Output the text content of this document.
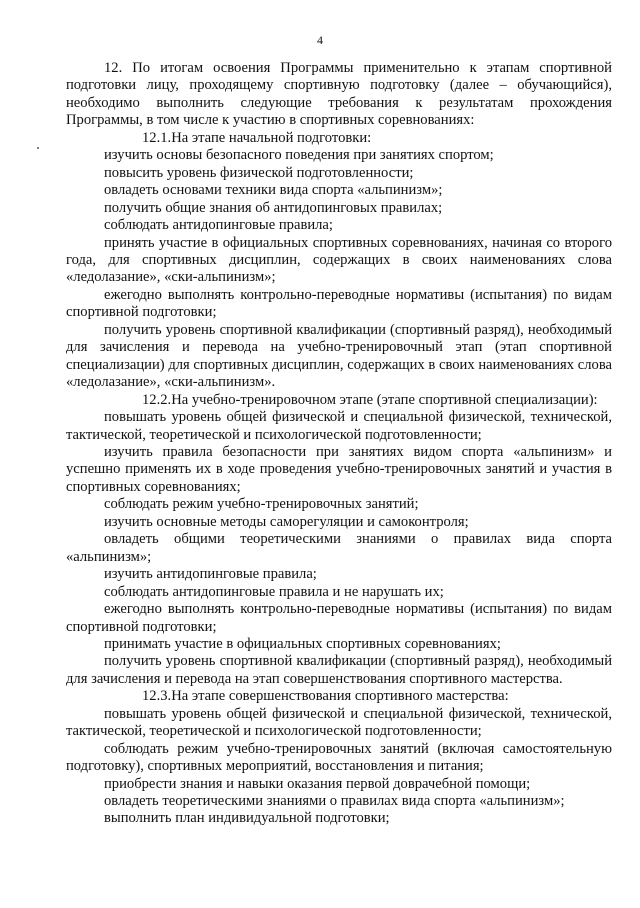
4

12. По итогам освоения Программы применительно к этапам спортивной подготовки лицу, проходящему спортивную подготовку (далее – обучающийся), необходимо выполнить следующие требования к результатам прохождения Программы, в том числе к участию в спортивных соревнованиях:

12.1.На этапе начальной подготовки:

изучить основы безопасного поведения при занятиях спортом;

повысить уровень физической подготовленности;

овладеть основами техники вида спорта «альпинизм»;

получить общие знания об антидопинговых правилах;

соблюдать антидопинговые правила;

принять участие в официальных спортивных соревнованиях, начиная со второго года, для спортивных дисциплин, содержащих в своих наименованиях слова «ледолазание», «ски-альпинизм»;

ежегодно выполнять контрольно-переводные нормативы (испытания) по видам спортивной подготовки;

получить уровень спортивной квалификации (спортивный разряд), необходимый для зачисления и перевода на учебно-тренировочный этап (этап спортивной специализации) для спортивных дисциплин, содержащих в своих наименованиях слова «ледолазание», «ски-альпинизм».

12.2.На учебно-тренировочном этапе (этапе спортивной специализации):

повышать уровень общей физической и специальной физической, технической, тактической, теоретической и психологической подготовленности;

изучить правила безопасности при занятиях видом спорта «альпинизм» и успешно применять их в ходе проведения учебно-тренировочных занятий и участия в спортивных соревнованиях;

соблюдать режим учебно-тренировочных занятий;

изучить основные методы саморегуляции и самоконтроля;

овладеть общими теоретическими знаниями о правилах вида спорта «альпинизм»;

изучить антидопинговые правила;

соблюдать антидопинговые правила и не нарушать их;

ежегодно выполнять контрольно-переводные нормативы (испытания) по видам спортивной подготовки;

принимать участие в официальных спортивных соревнованиях;

получить уровень спортивной квалификации (спортивный разряд), необходимый для зачисления и перевода на этап совершенствования спортивного мастерства.

12.3.На этапе совершенствования спортивного мастерства:

повышать уровень общей физической и специальной физической, технической, тактической, теоретической и психологической подготовленности;

соблюдать режим учебно-тренировочных занятий (включая самостоятельную подготовку), спортивных мероприятий, восстановления и питания;

приобрести знания и навыки оказания первой доврачебной помощи;

овладеть теоретическими знаниями о правилах вида спорта «альпинизм»;

выполнить план индивидуальной подготовки;
